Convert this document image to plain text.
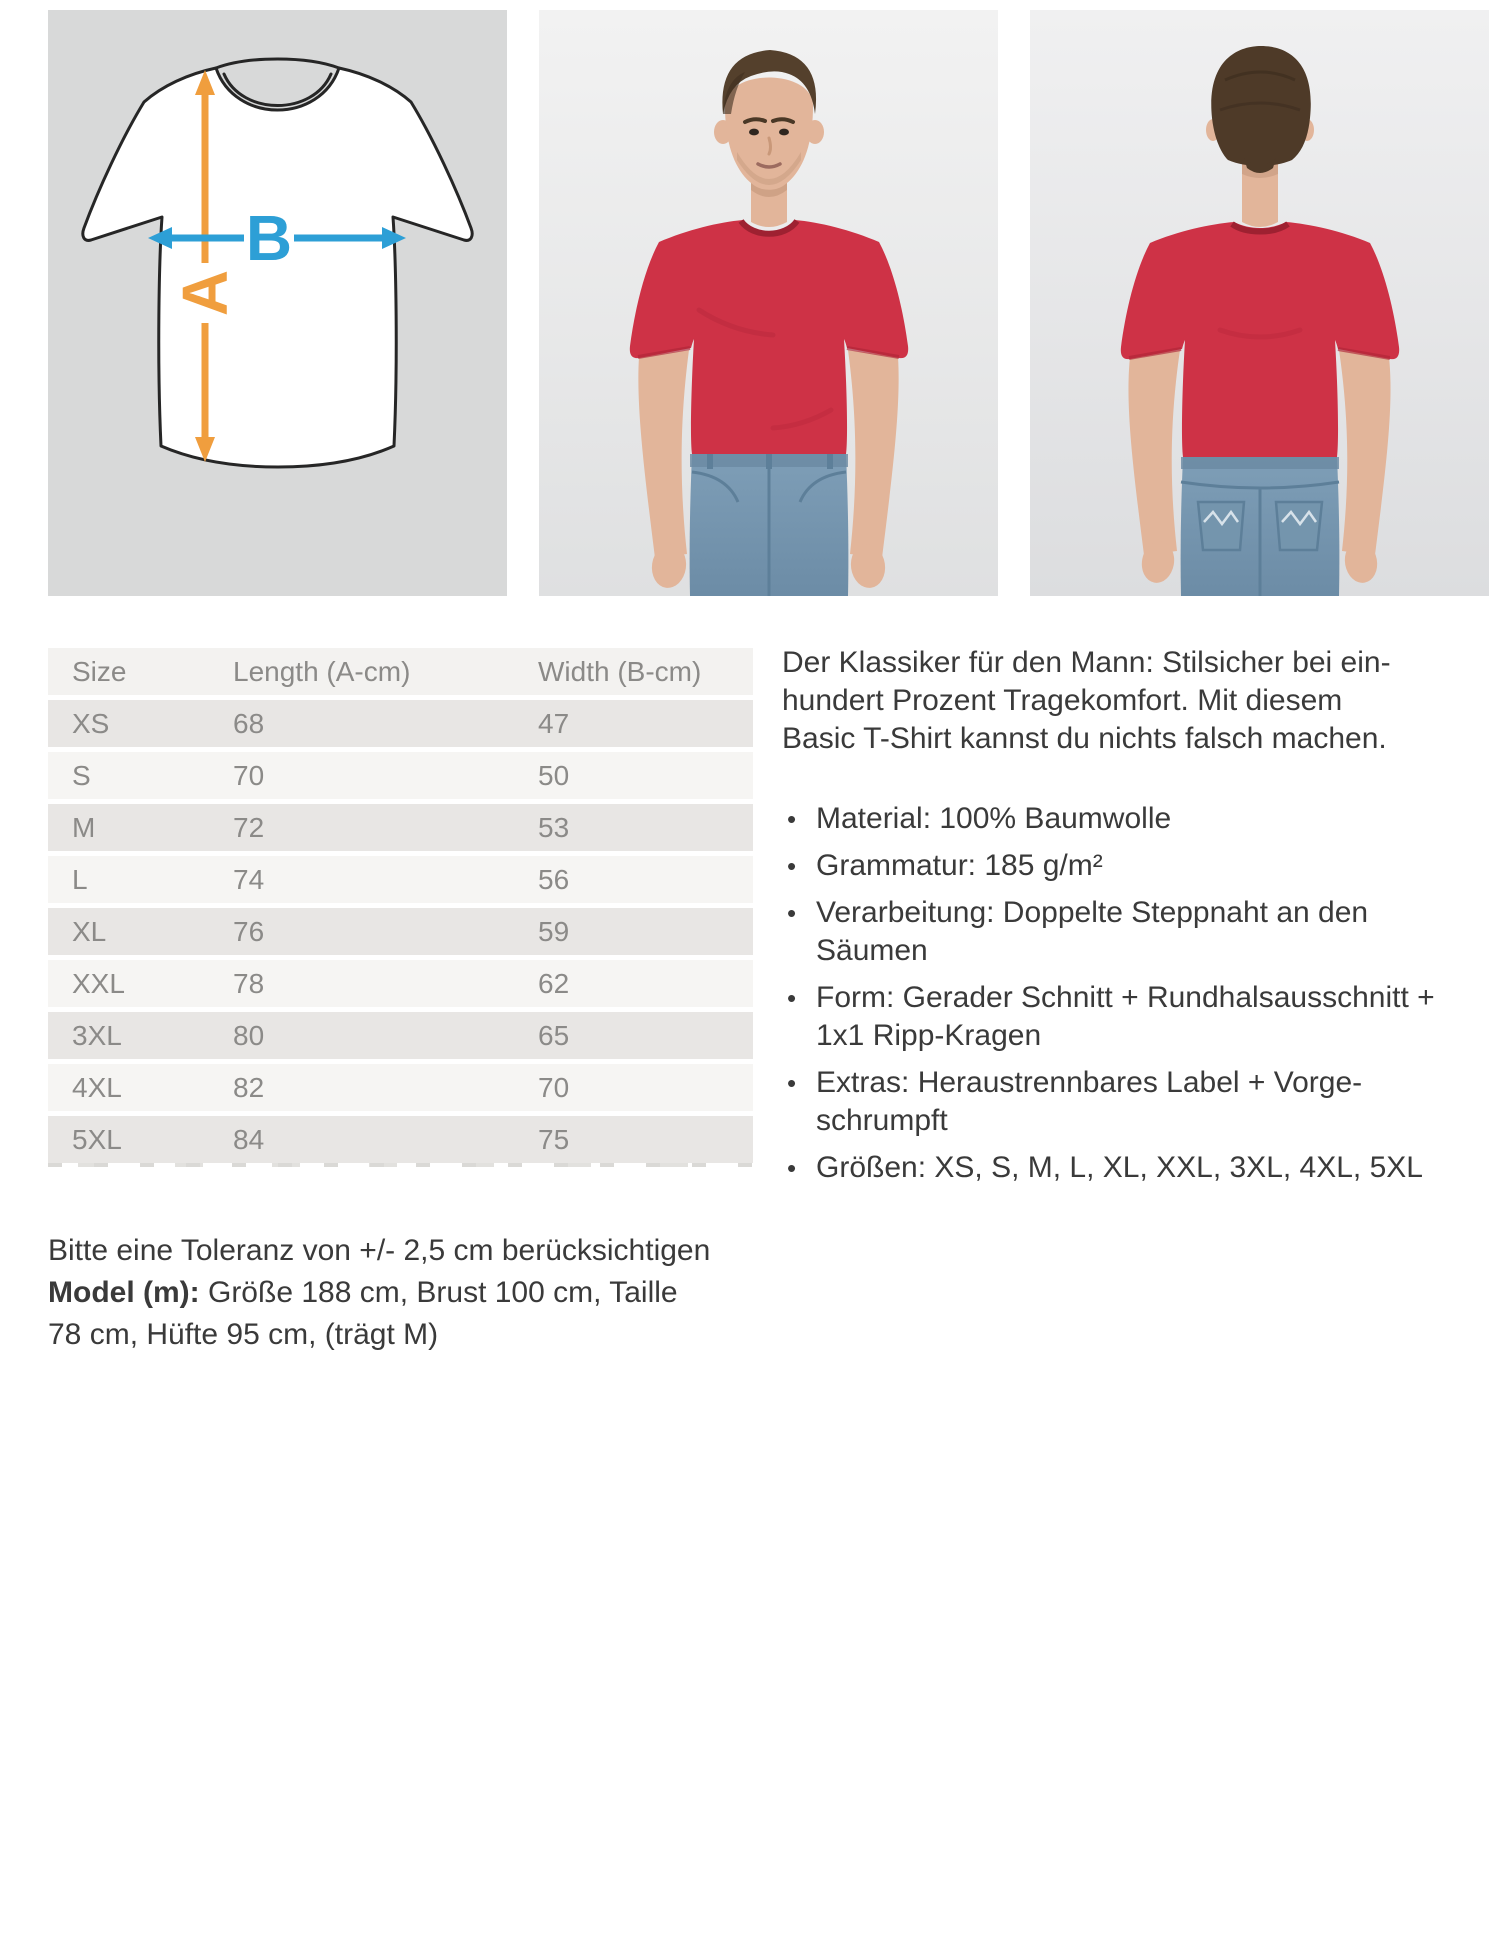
A
B
Size	Length (A-cm)	Width (B-cm)
XS	68	47
S	70	50
M	72	53
L	74	56
XL	76	59
XXL	78	62
3XL	80	65
4XL	82	70
5XL	84	75

Der Klassiker für den Mann: Stilsicher bei ein-hundert Prozent Tragekomfort. Mit diesem Basic T-Shirt kannst du nichts falsch machen.

• Material: 100% Baumwolle
• Grammatur: 185 g/m²
• Verarbeitung: Doppelte Steppnaht an den Säumen
• Form: Gerader Schnitt + Rundhalsausschnitt + 1x1 Ripp-Kragen
• Extras: Heraustrennbares Label + Vorge-schrumpft
• Größen: XS, S, M, L, XL, XXL, 3XL, 4XL, 5XL
Bitte eine Toleranz von +/- 2,5 cm berücksichtigen
Model (m): Größe 188 cm, Brust 100 cm, Taille
78 cm, Hüfte 95 cm, (trägt M)
